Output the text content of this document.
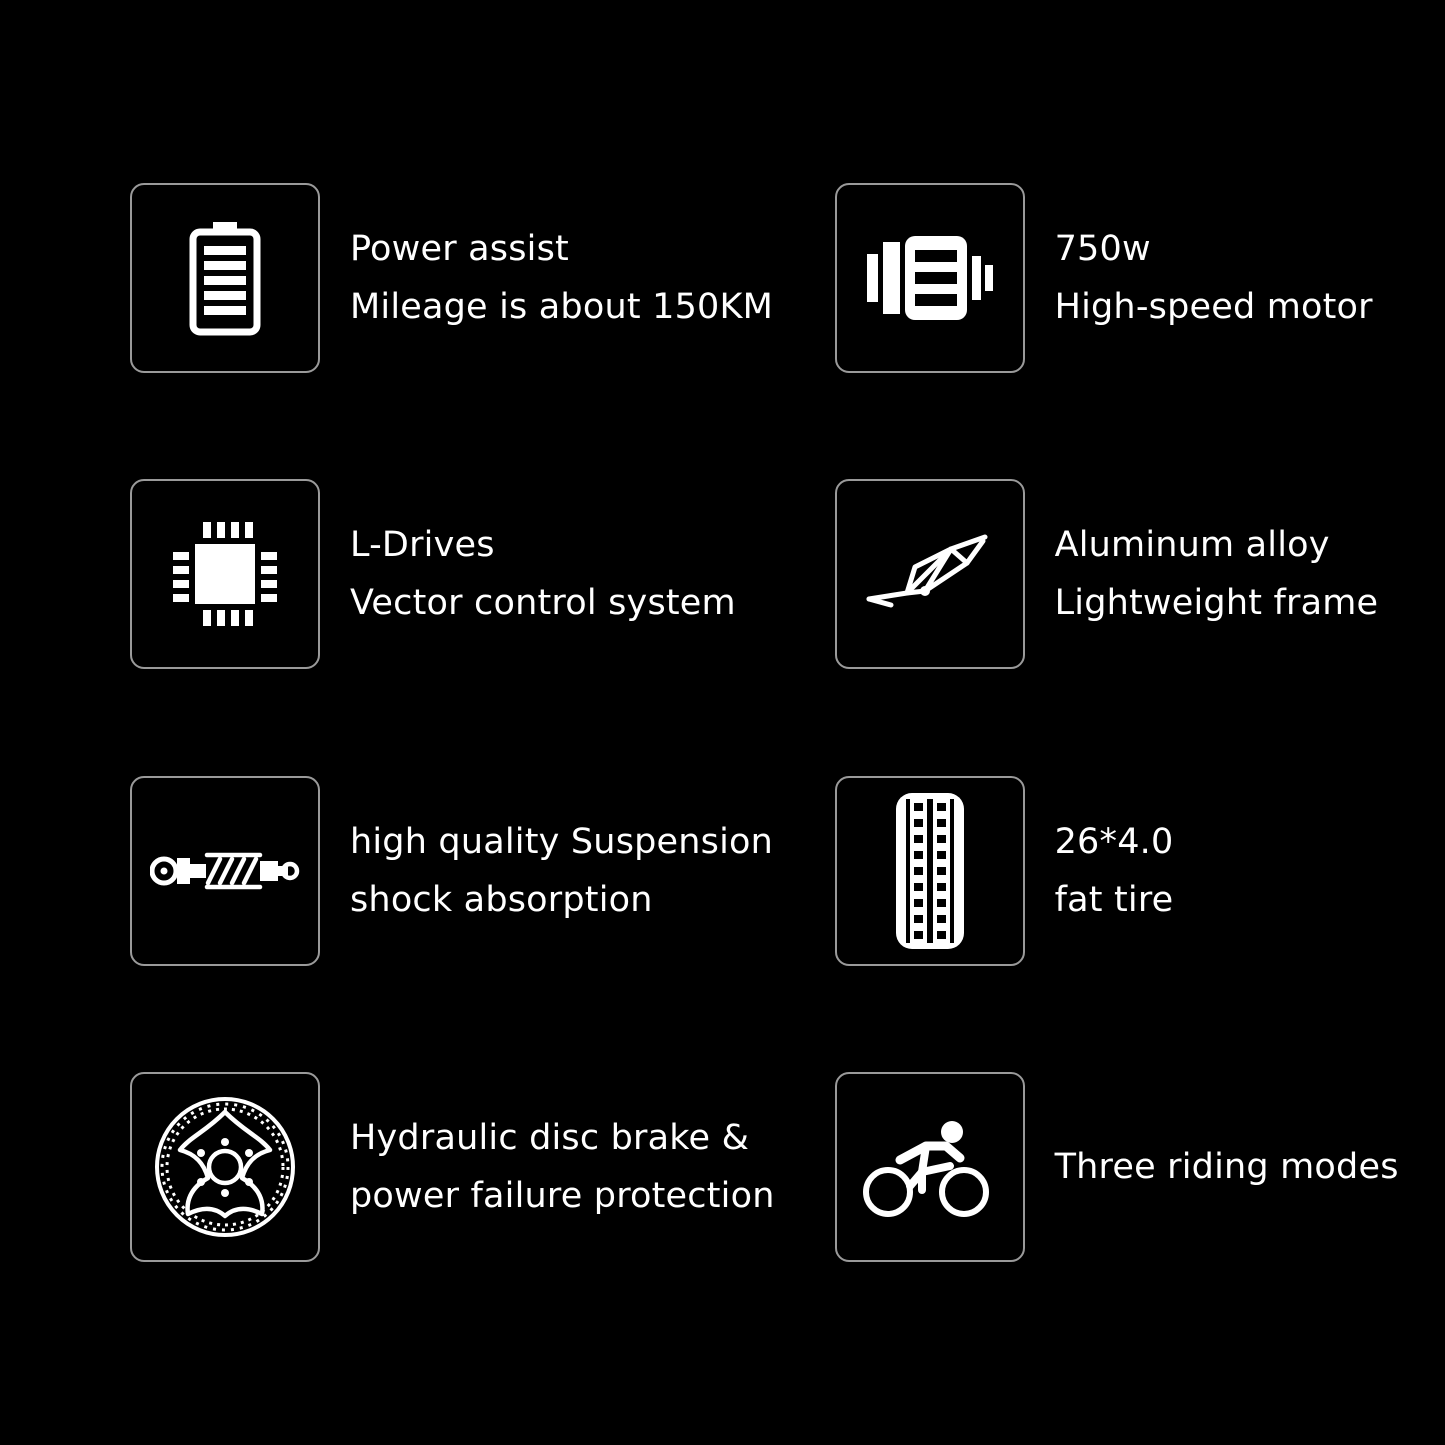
Power assist
Mileage is about 150KM
750w
High-speed motor
L-Drives
Vector control system
Aluminum alloy
Lightweight frame
high quality Suspension
shock absorption
26*4.0
fat tire
Hydraulic disc brake &
power failure protection
Three riding modes
